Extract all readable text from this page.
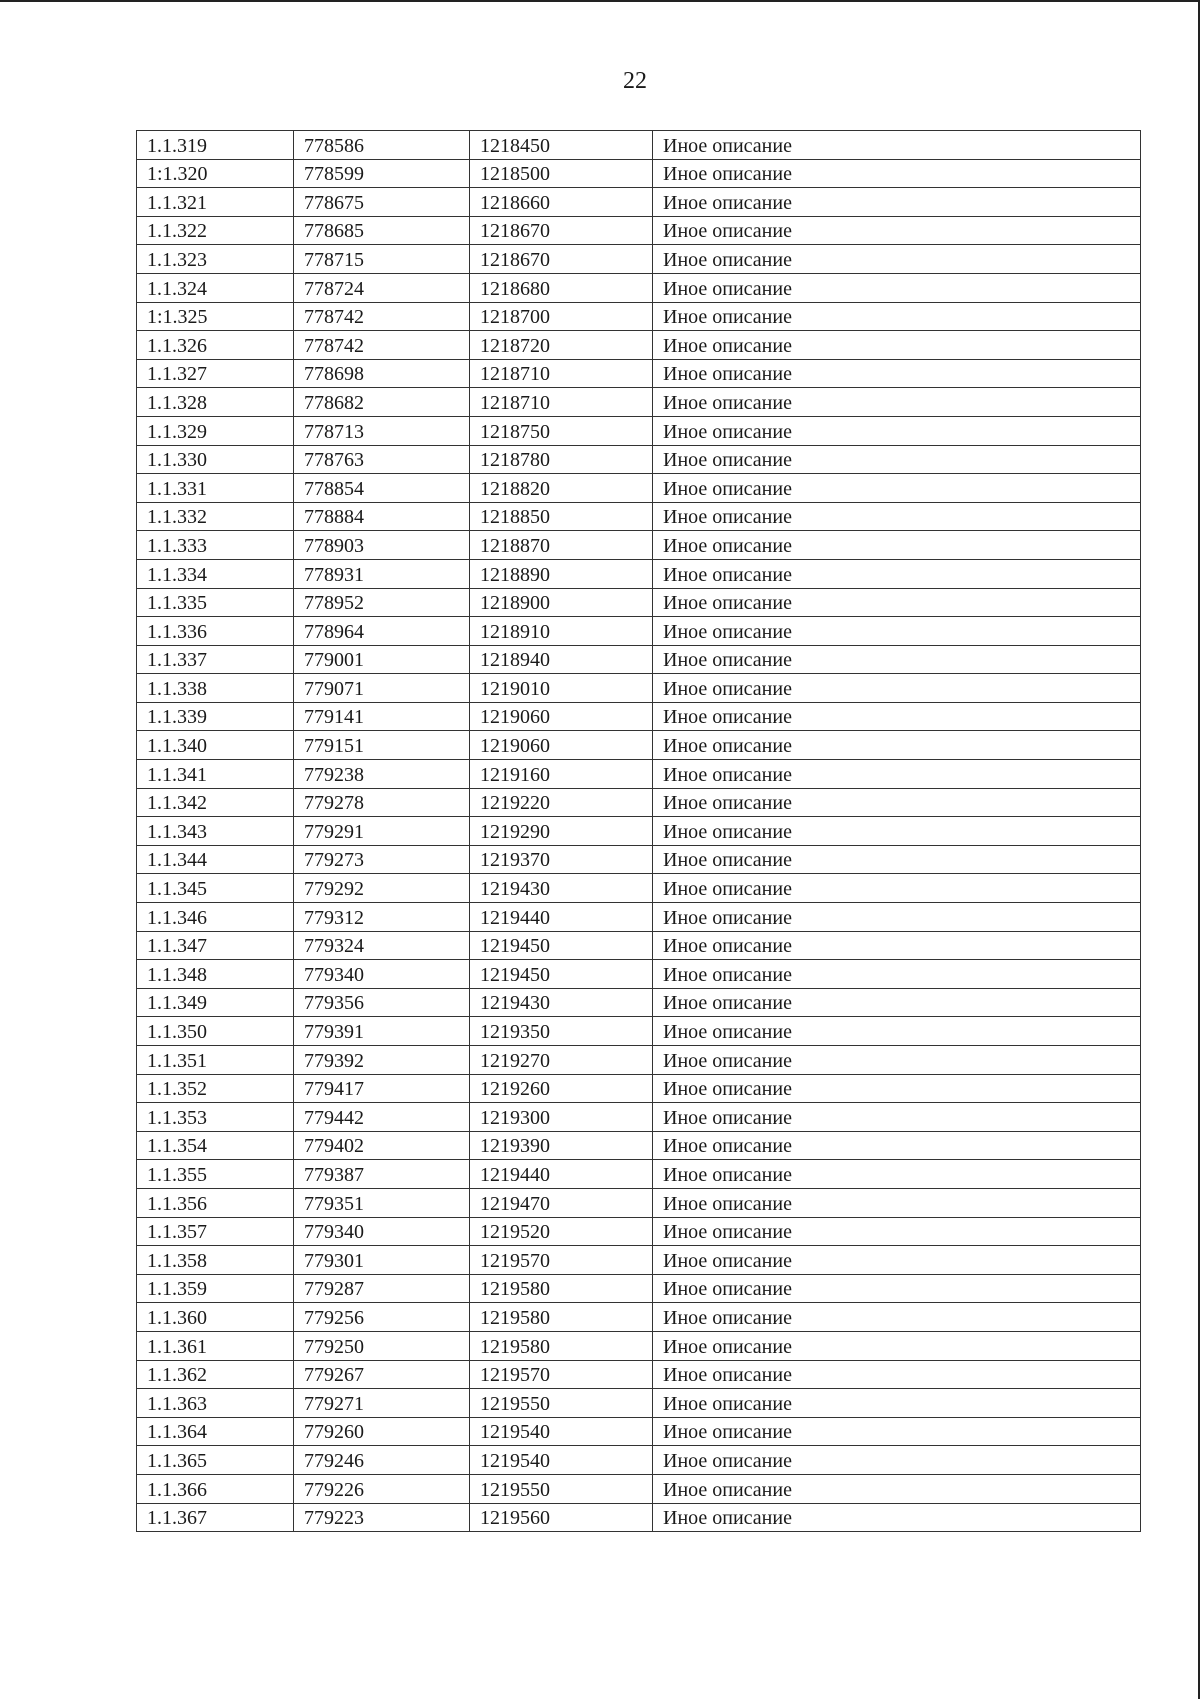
22
1.1.319	778586	1218450	Иное описание
1:1.320	778599	1218500	Иное описание
1.1.321	778675	1218660	Иное описание
1.1.322	778685	1218670	Иное описание
1.1.323	778715	1218670	Иное описание
1.1.324	778724	1218680	Иное описание
1:1.325	778742	1218700	Иное описание
1.1.326	778742	1218720	Иное описание
1.1.327	778698	1218710	Иное описание
1.1.328	778682	1218710	Иное описание
1.1.329	778713	1218750	Иное описание
1.1.330	778763	1218780	Иное описание
1.1.331	778854	1218820	Иное описание
1.1.332	778884	1218850	Иное описание
1.1.333	778903	1218870	Иное описание
1.1.334	778931	1218890	Иное описание
1.1.335	778952	1218900	Иное описание
1.1.336	778964	1218910	Иное описание
1.1.337	779001	1218940	Иное описание
1.1.338	779071	1219010	Иное описание
1.1.339	779141	1219060	Иное описание
1.1.340	779151	1219060	Иное описание
1.1.341	779238	1219160	Иное описание
1.1.342	779278	1219220	Иное описание
1.1.343	779291	1219290	Иное описание
1.1.344	779273	1219370	Иное описание
1.1.345	779292	1219430	Иное описание
1.1.346	779312	1219440	Иное описание
1.1.347	779324	1219450	Иное описание
1.1.348	779340	1219450	Иное описание
1.1.349	779356	1219430	Иное описание
1.1.350	779391	1219350	Иное описание
1.1.351	779392	1219270	Иное описание
1.1.352	779417	1219260	Иное описание
1.1.353	779442	1219300	Иное описание
1.1.354	779402	1219390	Иное описание
1.1.355	779387	1219440	Иное описание
1.1.356	779351	1219470	Иное описание
1.1.357	779340	1219520	Иное описание
1.1.358	779301	1219570	Иное описание
1.1.359	779287	1219580	Иное описание
1.1.360	779256	1219580	Иное описание
1.1.361	779250	1219580	Иное описание
1.1.362	779267	1219570	Иное описание
1.1.363	779271	1219550	Иное описание
1.1.364	779260	1219540	Иное описание
1.1.365	779246	1219540	Иное описание
1.1.366	779226	1219550	Иное описание
1.1.367	779223	1219560	Иное описание
